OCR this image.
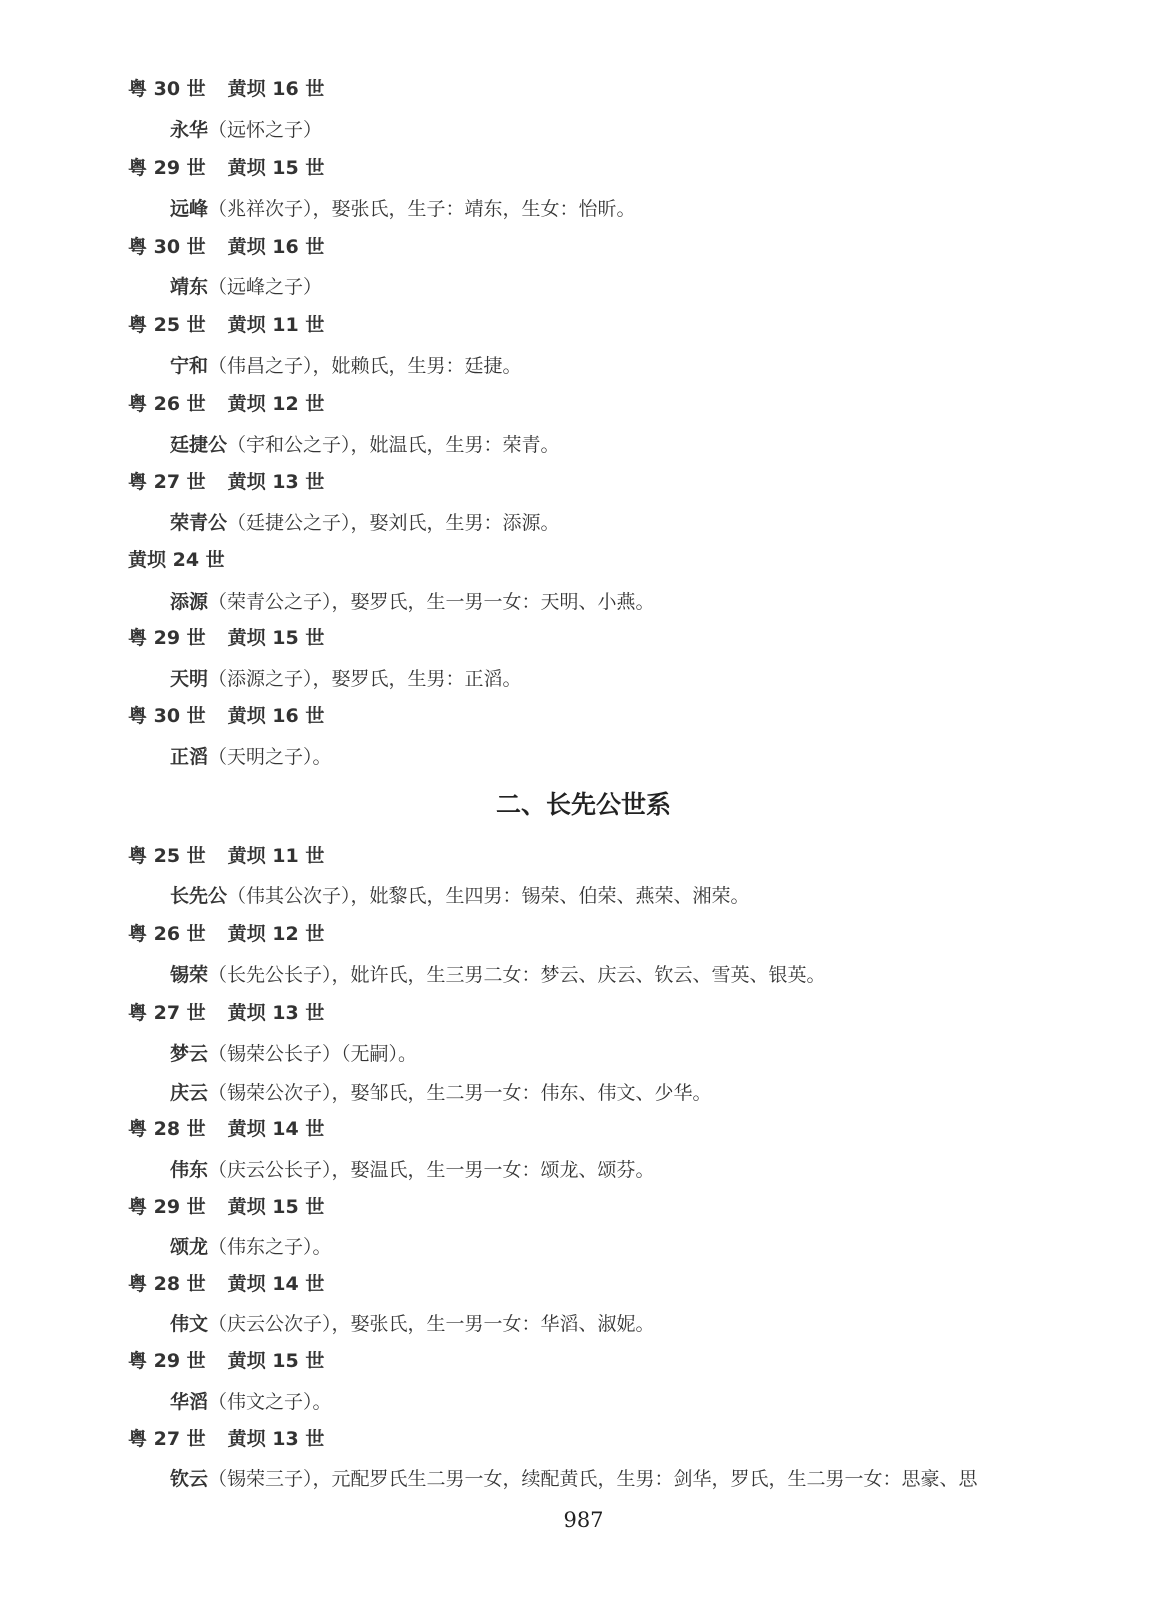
粤 30 世 黄坝 16 世
永华（远怀之子）
粤 29 世 黄坝 15 世
远峰（兆祥次子），娶张氏，生子：靖东，生女：怡昕。
粤 30 世 黄坝 16 世
靖东（远峰之子）
粤 25 世 黄坝 11 世
宁和（伟昌之子），妣赖氏，生男：廷捷。
粤 26 世 黄坝 12 世
廷捷公（宇和公之子），妣温氏，生男：荣青。
粤 27 世 黄坝 13 世
荣青公（廷捷公之子），娶刘氏，生男：添源。
黄坝 24 世
添源（荣青公之子），娶罗氏，生一男一女：天明、小燕。
粤 29 世 黄坝 15 世
天明（添源之子），娶罗氏，生男：正滔。
粤 30 世 黄坝 16 世
正滔（天明之子）。
二、长先公世系
粤 25 世 黄坝 11 世
长先公（伟其公次子），妣黎氏，生四男：锡荣、伯荣、燕荣、湘荣。
粤 26 世 黄坝 12 世
锡荣（长先公长子），妣许氏，生三男二女：梦云、庆云、钦云、雪英、银英。
粤 27 世 黄坝 13 世
梦云（锡荣公长子）（无嗣）。
庆云（锡荣公次子），娶邹氏，生二男一女：伟东、伟文、少华。
粤 28 世 黄坝 14 世
伟东（庆云公长子），娶温氏，生一男一女：颂龙、颂芬。
粤 29 世 黄坝 15 世
颂龙（伟东之子）。
粤 28 世 黄坝 14 世
伟文（庆云公次子），娶张氏，生一男一女：华滔、淑妮。
粤 29 世 黄坝 15 世
华滔（伟文之子）。
粤 27 世 黄坝 13 世
钦云（锡荣三子），元配罗氏生二男一女，续配黄氏，生男：剑华，罗氏，生二男一女：思豪、思
987
